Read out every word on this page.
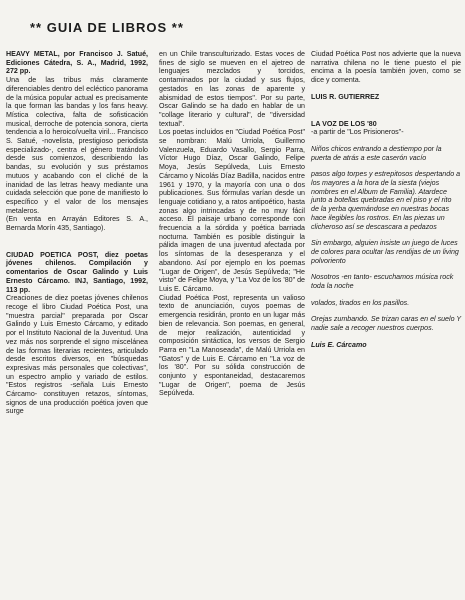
** GUIA DE LIBROS **

HEAVY METAL, por Francisco J. Satué, Ediciones Cátedra, S. A., Madrid, 1992, 272 pp.

Una de las tribus más claramente diferenciables dentro del ecléctico panorama de la música popular actual es precisamente la que forman las bandas y los fans heavy. Mística colectiva, falta de sofisticación musical, derroche de potencia sonora, cierta tendencia a lo heroico/vuelta viril... Francisco S. Satué, -novelista, prestigioso periodista especializado-, centra el género tratándolo desde sus comienzos, describiendo las bandas, su evolución y sus préstamos mutuos y acabando con el cliché de la inanidad de las letras heavy mediante una cuidada selección que pone de manifiesto lo específico y el valor de los mensajes metaleros.

(En venta en Arrayán Editores S. A., Bernarda Morín 435, Santiago).

CIUDAD POETICA POST, diez poetas jóvenes chilenos. Compilación y comentarios de Oscar Galindo y Luis Ernesto Cárcamo. INJ, Santiago, 1992, 113 pp.

Creaciones de diez poetas jóvenes chilenos recoge el libro Ciudad Poética Post, una "muestra parcial" preparada por Oscar Galindo y Luis Ernesto Cárcamo, y editado por el Instituto Nacional de la Juventud. Una vez más nos sorprende el signo miscelánea de las formas literarias recientes, articulado desde escritos diversos, en "búsquedas expresivas más personales que colectivas", un espectro amplio y variado de estilos. "Estos registros -señala Luis Ernesto Cárcamo- constituyen retazos, síntomas, signos de una producción poética joven que surge

en un Chile transculturizado. Estas voces de fines de siglo se mueven en el ajetreo de lenguajes mezclados y torcidos, contaminados por la ciudad y sus flujos, gestados en las zonas de aparente y abismidad de estos tiempos". Por su parte, Oscar Galindo se ha dado en hablar de un "collage literario y cultural", de "diversidad textual".

Los poetas incluidos en "Ciudad Poética Post" se nombran: Malú Urriola, Guillermo Valenzuela, Eduardo Vasallo, Sergio Parra, Víctor Hugo Díaz, Oscar Galindo, Felipe Moya, Jesús Sepúlveda, Luis Ernesto Cárcamo y Nicolás Díaz Badilla, nacidos entre 1961 y 1970, y la mayoría con una o dos publicaciones. Sus fórmulas varían desde un lenguaje cotidiano y, a ratos antipoético, hasta zonas algo intrincadas y de no muy fácil acceso. El paisaje urbano corresponde con frecuencia a la sórdida y poética barriada nocturna. También es posible distinguir la pálida imagen de una juventud afectada por los síntomas de la desesperanza y el abandono. Así por ejemplo en los poemas "Lugar de Origen", de Jesús Sepúlveda; "He visto" de Felipe Moya, y "La Voz de los '80" de Luis E. Cárcamo.

Ciudad Poética Post, representa un valioso texto de anunciación, cuyos poemas de emergencia residirán, pronto en un lugar más bien de relevancia. Son poemas, en general, de mejor realización, autenticidad y composición sintáctica, los versos de Sergio Parra en "La Manoseada", de Malú Urriola en "Gatos" y de Luis E. Cárcamo en "La voz de los '80". Por su sólida construcción de conjunto y espontaneidad, destacaremos "Lugar de Origen", poema de Jesús Sepúlveda.

Ciudad Poética Post nos advierte que la nueva narrativa chilena no le tiene puesto el pie encima a la poesía también joven, como se dice y comenta.

LUIS R. GUTIERREZ

LA VOZ DE LOS '80

-a partir de "Los Prisioneros"-

Niños chicos entrando a destiempo por la puerta de atrás a este caserón vacío

pasos algo torpes y estrepitosos despertando a los mayores a la hora de la siesta (viejos nombres en el Album de Familia). Atardece junto a botellas quebradas en el piso y el rito de la yerba quemándose en nuestras bocas hace ilegibles los rostros. En las piezas un clicheroso así se descascara a pedazos

Sin embargo, alguien insiste un juego de luces de colores para ocultar las rendijas de un living polvoriento

Nosotros -en tanto- escuchamos música rock toda la noche

volados, tirados en los pasillos.

Orejas zumbando. Se trizan caras en el suelo Y nadie sale a recoger nuestros cuerpos.

Luis E. Cárcamo
